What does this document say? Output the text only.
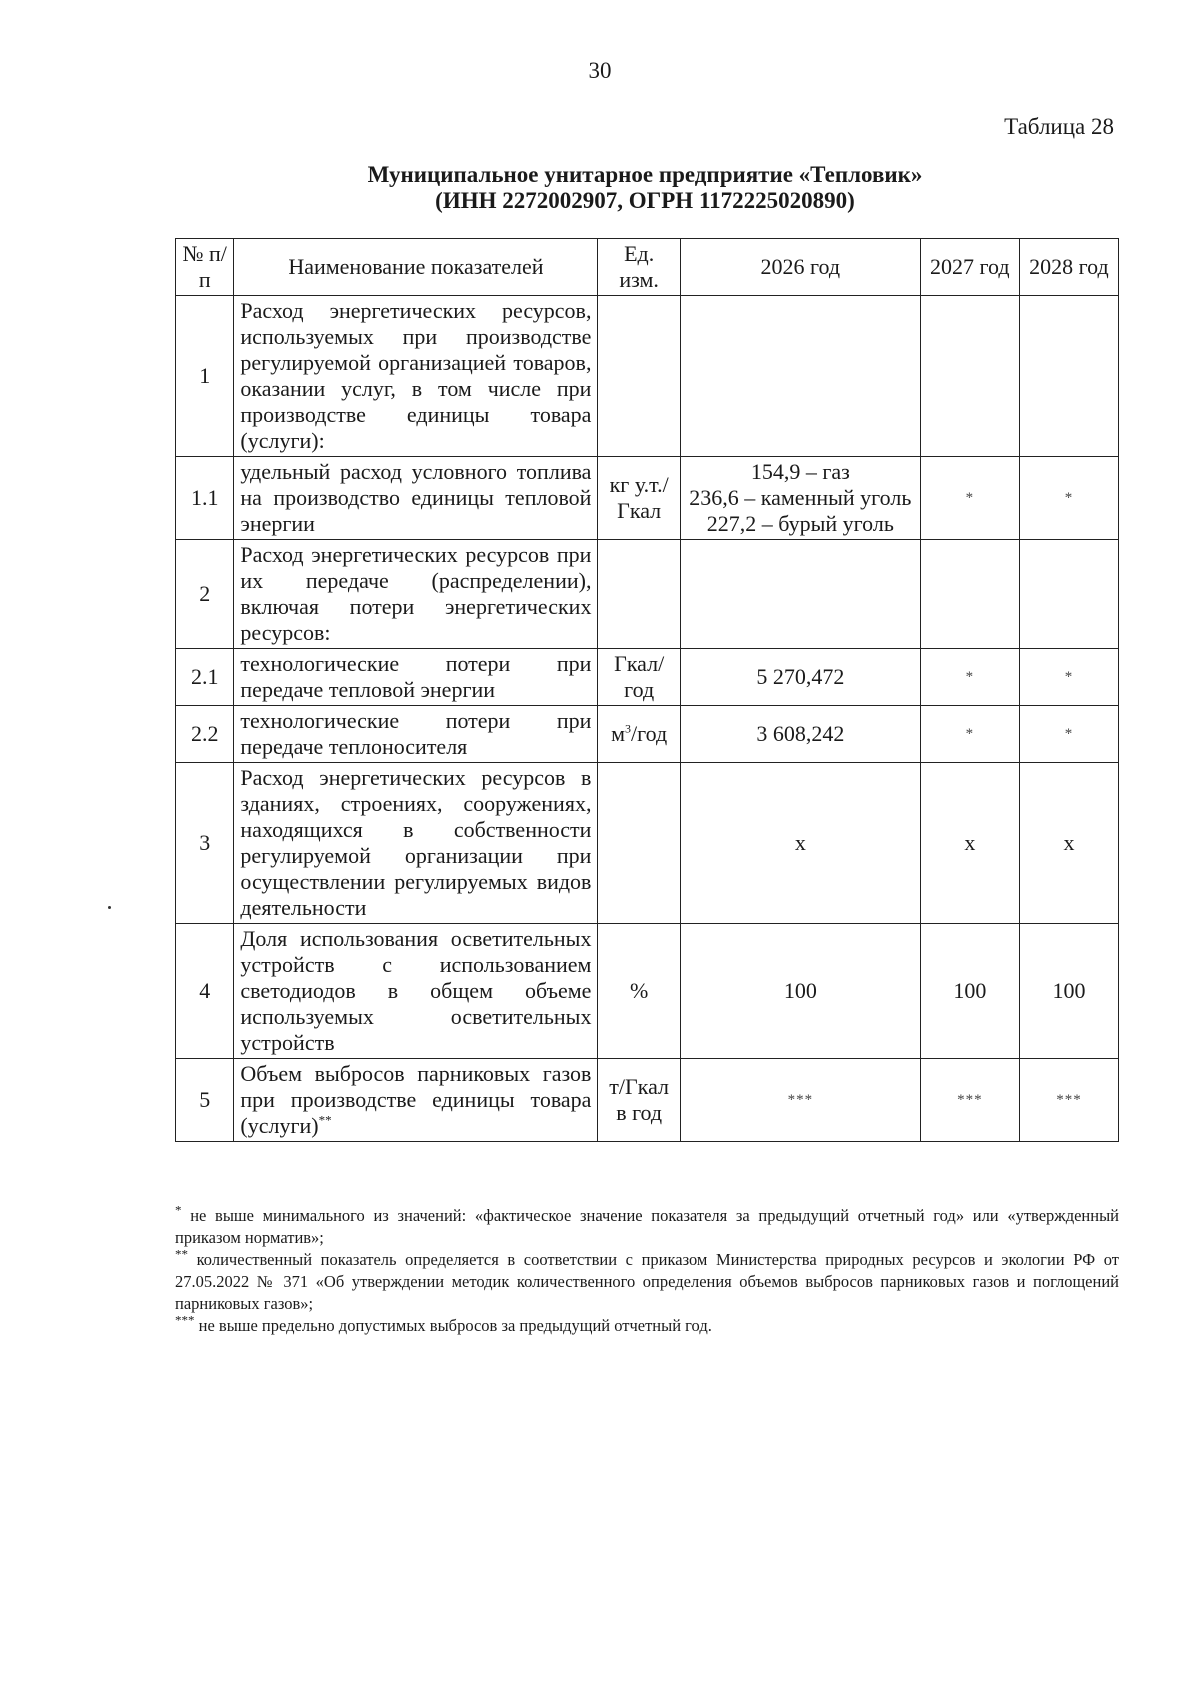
30
Таблица 28
Муниципальное унитарное предприятие «Тепловик»
(ИНН 2272002907, ОГРН 1172225020890)
№ п/п	Наименование показателей	Ед. изм.	2026 год	2027 год	2028 год
1	Расход энергетических ресурсов, используемых при производстве регулируемой организацией товаров, оказании услуг, в том числе при производстве единицы товара (услуги):				
1.1	удельный расход условного топлива на производство единицы тепловой энергии	кг у.т./ Гкал	154,9 – газ
236,6 – каменный уголь
227,2 – бурый уголь	*	*
2	Расход энергетических ресурсов при их передаче (распределении), включая потери энергетических ресурсов:				
2.1	технологические потери при передаче тепловой энергии	Гкал/ год	5 270,472	*	*
2.2	технологические потери при передаче теплоносителя	$м^3$/год	3 608,242	*	*
3	Расход энергетических ресурсов в зданиях, строениях, сооружениях, находящихся в собственности регулируемой организации при осуществлении регулируемых видов деятельности		х	х	х
4	Доля использования осветительных устройств с использованием светодиодов в общем объеме используемых осветительных устройств	%	100	100	100
5	Объем выбросов парниковых газов при производстве единицы товара (услуги)**	т/Гкал в год	***	***	***

* не выше минимального из значений: «фактическое значение показателя за предыдущий отчетный год» или «утвержденный приказом норматив»;

** количественный показатель определяется в соответствии с приказом Министерства природных ресурсов и экологии РФ от 27.05.2022 № 371 «Об утверждении методик количественного определения объемов выбросов парниковых газов и поглощений парниковых газов»;

*** не выше предельно допустимых выбросов за предыдущий отчетный год.
